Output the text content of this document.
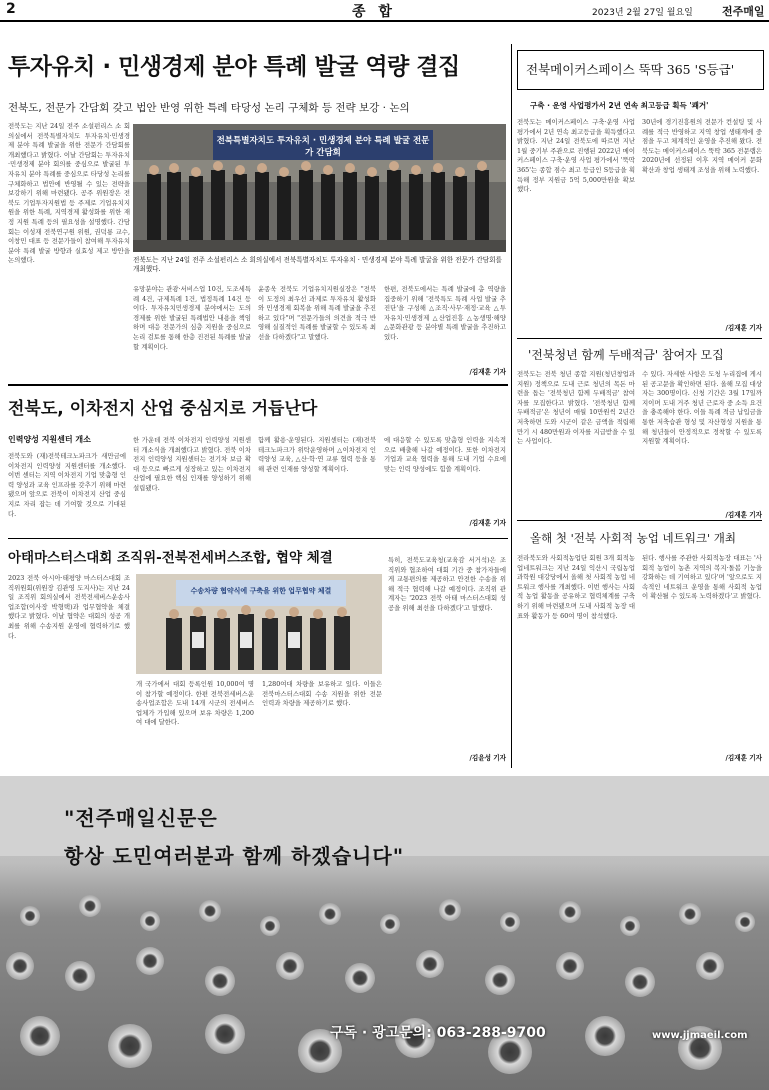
2	종 합	2023년 2월 27일 월요일	전주매일
투자유치 · 민생경제 분야 특례 발굴 역량 결집
전북도, 전문가 간담회 갖고 법안 반영 위한 특례 타당성 논리 구체화 등 전략 보강 · 논의
전북도는 지난 24일 전주 소설펀리스 소 회의실에서 전북특별자치도 투자유치·민생경제 분야 특례 발굴을 위한 전문가 간담회를 개최했다고 밝혔다. 이날 간담회는 투자유치·민생경제 분야 회의를 중심으로 발굴된 투자유치 분야 특례를 중심으로 타당성 논리를 구체화하고 법안에 반영될 수 있는 전략을 보강하기 위해 마련됐다. 공주 위원장은 전북도 기업투자지원법 등 주제로 기업유치지원을 위한 특례, 지역경제 활성화를 위한 재정 지원 특례 등의 필요성을 설명했다. 간담회는 이성재 전북연구원 위원, 권덕룡 교수, 이창민 대표 등 전문가들이 참여해 투자유치 분야 특례 발굴 방향과 실효성 제고 방안을 논의했다.
전북특별자치도 투자유치 · 민생경제 분야 특례 발굴 전문가 간담회
전북도는 지난 24일 전주 소설펀리스 소 회의실에서 전북특별자치도 투자유치 · 민생경제 분야 특례 발굴을 위한 전문가 간담회를 개최했다.
유망분야는 관광·서비스업 10건, 도조세특례 4건, 규제특례 1건, 법정특례 14건 등이다. 투자유치민생경제 분야에서는 도의 경제를 위한 발굴된 특례법안 내용을 책임하며 대응 전문가의 심층 지원을 중심으로 논리 검토를 통해 한층 진전된 특례를 발굴할 계획이다.
윤종욱 전북도 기업유치지원실장은 "전북이 도정의 최우선 과제로 투자유치 활성화와 민생경제 회복을 위해 특례 발굴을 추진하고 있다"며 "전문가들의 의견을 적극 반영해 실질적인 특례를 발굴할 수 있도록 최선을 다하겠다"고 말했다.
한편, 전북도에서는 특례 발굴에 총 역량을 집중하기 위해 '전북특도 특례 사업 발굴 추진단'을 구성해 △조직·사무·재정·교육 △투자유치·민생경제 △산업진흥 △농생명·해양 △문화관광 등 분야별 특례 발굴을 추진하고 있다.
/김재훈 기자
전북메이커스페이스 뚝딱 365 'S등급'
구축 · 운영 사업평가서 2년 연속 최고등급 획득 '쾌거'
전북도는 메이커스페이스 구축·운영 사업평가에서 2년 연속 최고등급을 획득했다고 밝혔다. 지난 24일 전북도에 따르면 지난 1월 중기부 주관으로 진행된 2022년 메이커스페이스 구축·운영 사업 평가에서 '뚝딱 365'는 종합 점수 최고 등급인 S등급을 획득해 정부 지원금 5억 5,000만원을 확보했다.
30년에 경기진흥원의 전문가 컨설팅 및 사례를 적극 반영하고 지역 창업 생태계에 중점을 두고 체계적인 운영을 추진해 왔다. 전북도는 메이커스페이스 뚝딱 365 전문랩은 2020년에 선정된 이후 지역 메이커 문화 확산과 창업 생태계 조성을 위해 노력했다.
/김재훈 기자
'전북청년 함께 두배적금' 참여자 모집
전북도는 전북 청년 종합 지원(청년창업과 지원) 정책으로 도내 근로 청년의 목돈 마련을 돕는 '전북청년 함께 두배적금' 참여자를 모집한다고 밝혔다. '전북청년 함께 두배적금'은 청년이 매월 10만원씩 2년간 저축하면 도와 시군이 같은 금액을 적립해 만기 시 480만원과 이자를 지급받을 수 있는 사업이다.
수 있다. 자세한 사항은 도청 누리집에 게시된 공고문을 확인하면 된다. 올해 모집 대상자는 300명이다. 신청 기간은 3월 17일까지이며 도내 거주 청년 근로자 중 소득 요건을 충족해야 한다. 이들 특례 적금 납입금을 통한 저축습관 형성 및 자산형성 지원을 통해 청년들이 안정적으로 정착할 수 있도록 지원할 계획이다.
/김재훈 기자
전북도, 이차전지 산업 중심지로 거듭난다
인력양성 지원센터 개소
전북도와 (재)전북테크노파크가 새만금에 이차전지 인력양성 지원센터를 개소했다. 이번 센터는 지역 이차전지 기업 맞춤형 인력 양성과 교육 인프라를 갖추기 위해 마련됐으며 앞으로 전북이 이차전지 산업 중심지로 자리 잡는 데 기여할 것으로 기대된다.
한 가운데 전북 이차전지 인력양성 지원센터 개소식을 개최했다고 밝혔다. 전북 이차전지 인력양성 지원센터는 전기차 보급 확대 등으로 빠르게 성장하고 있는 이차전지 산업에 필요한 핵심 인재를 양성하기 위해 설립됐다.
함께 활용·운영된다. 지원센터는 (재)전북테크노파크가 위탁운영하며 △이차전지 인력양성 교육, △산·학·연 교류 협력 등을 통해 관련 인재를 양성할 계획이다.
에 대응할 수 있도록 맞춤형 인력을 지속적으로 배출해 나갈 예정이다. 또한 이차전지 기업과 교육 협력을 통해 도내 기업 수요에 맞는 인력 양성에도 힘쓸 계획이다.
/김재훈 기자
아태마스터스대회 조직위-전북전세버스조합, 협약 체결
2023 전북 아시아·태평양 마스터스대회 조직위원회(위원장 김관영 도지사)는 지난 24일 조직위 회의실에서 전북전세버스운송사업조합(이사장 박형택)과 업무협약을 체결했다고 밝혔다. 이날 협약은 대회의 성공 개최를 위해 수송지원 운영에 협력하기로 했다.
수송차량 협약식에 구축을 위한 업무협약 체결
개 국가에서 대회 등록인원 10,000여 명이 참가할 예정이다. 한편 전북전세버스운송사업조합은 도내 14개 시군의 전세버스 업체가 가입해 있으며 보유 차량은 1,200여 대에 달한다.
1,280여대 차량을 보유하고 있다. 이들은 전북마스터스대회 수송 지원을 위한 전문 인력과 차량을 제공하기로 했다.
특히, 전북도교육청(교육감 서거석)은 조직위와 협조하여 대회 기간 중 참가자들에게 교통편의를 제공하고 안전한 수송을 위해 적극 협력해 나갈 예정이다. 조직위 관계자는 '2023 전북 아태 마스터스대회 성공을 위해 최선을 다하겠다'고 말했다.
/김윤성 기자
올해 첫 '전북 사회적 농업 네트워크' 개최
전라북도와 사회적농업단 회원 3개 회적농업네트워크는 지난 24일 익산시 국립농업과학원 대강당에서 올해 첫 사회적 농업 네트워크 행사를 개최했다. 이번 행사는 사회적 농업 활동을 공유하고 협력체계를 구축하기 위해 마련됐으며 도내 사회적 농장 대표와 활동가 등 60여 명이 참석했다.
된다. 행사를 주관한 사회적농장 대표는 '사회적 농업이 농촌 지역의 복지·돌봄 기능을 강화하는 데 기여하고 있다'며 '앞으로도 지속적인 네트워크 운영을 통해 사회적 농업이 확산될 수 있도록 노력하겠다'고 밝혔다.
/김재훈 기자
"전주매일신문은
항상 도민여러분과 함께 하겠습니다"
구독 · 광고문의: 063-288-9700	www.jjmaeil.com
